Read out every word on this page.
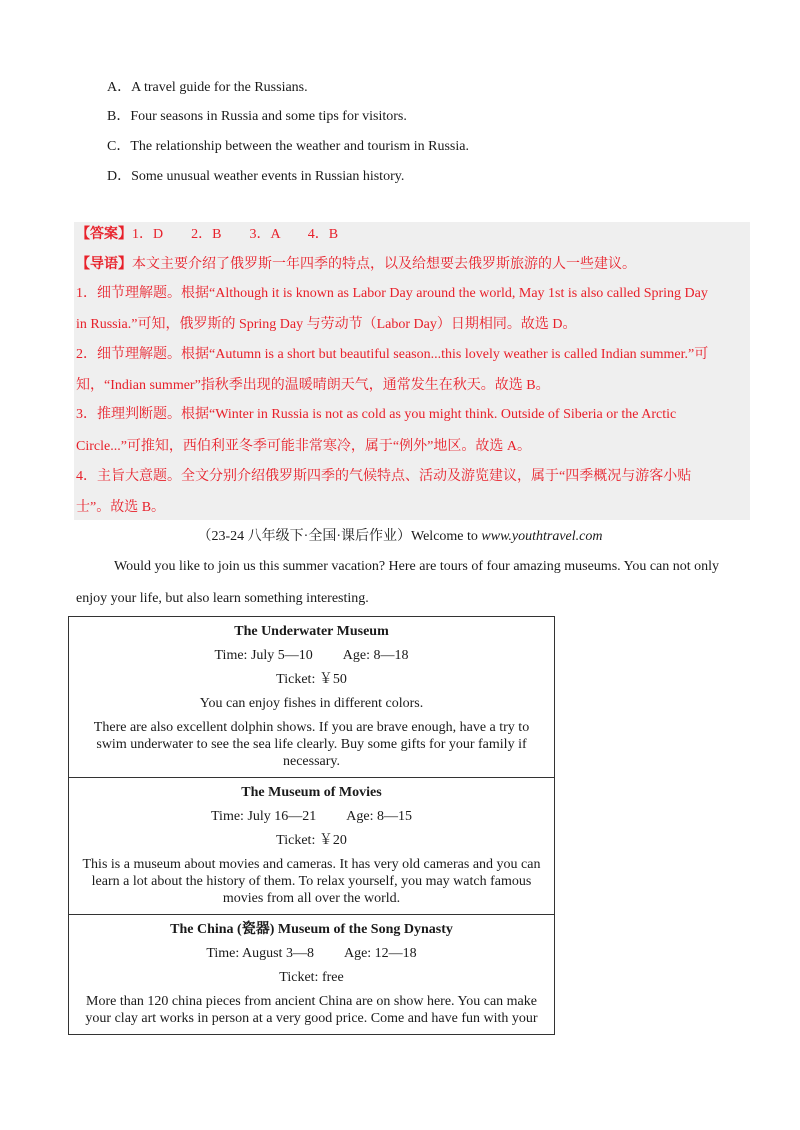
A．A travel guide for the Russians.
B．Four seasons in Russia and some tips for visitors.
C．The relationship between the weather and tourism in Russia.
D．Some unusual weather events in Russian history.
【答案】1．D　　2．B　　3．A　　4．B
【导语】本文主要介绍了俄罗斯一年四季的特点，以及给想要去俄罗斯旅游的人一些建议。
1．细节理解题。根据“Although it is known as Labor Day around the world, May 1st is also called Spring Day
in Russia.”可知，俄罗斯的 Spring Day 与劳动节（Labor Day）日期相同。故选 D。
2．细节理解题。根据“Autumn is a short but beautiful season...this lovely weather is called Indian summer.”可
知，“Indian summer”指秋季出现的温暖晴朗天气，通常发生在秋天。故选 B。
3．推理判断题。根据“Winter in Russia is not as cold as you might think. Outside of Siberia or the Arctic
Circle...”可推知，西伯利亚冬季可能非常寒冷，属于“例外”地区。故选 A。
4．主旨大意题。全文分别介绍俄罗斯四季的气候特点、活动及游览建议，属于“四季概况与游客小贴
士”。故选 B。
（23-24 八年级下·全国·课后作业）Welcome to www.youthtravel.com
Would you like to join us this summer vacation? Here are tours of four amazing museums. You can not only
enjoy your life, but also learn something interesting.
The Underwater Museum
Time: July 5—10 Age: 8—18
Ticket: ￥50
You can enjoy fishes in different colors.
There are also excellent dolphin shows. If you are brave enough, have a try to swim underwater to see the sea life clearly. Buy some gifts for your family if necessary.

The Museum of Movies
Time: July 16—21 Age: 8—15
Ticket: ￥20
This is a museum about movies and cameras. It has very old cameras and you can learn a lot about the history of them. To relax yourself, you may watch famous movies from all over the world.

The China (瓷器) Museum of the Song Dynasty
Time: August 3—8 Age: 12—18
Ticket: free
More than 120 china pieces from ancient China are on show here. You can make your clay art works in person at a very good price. Come and have fun with your
